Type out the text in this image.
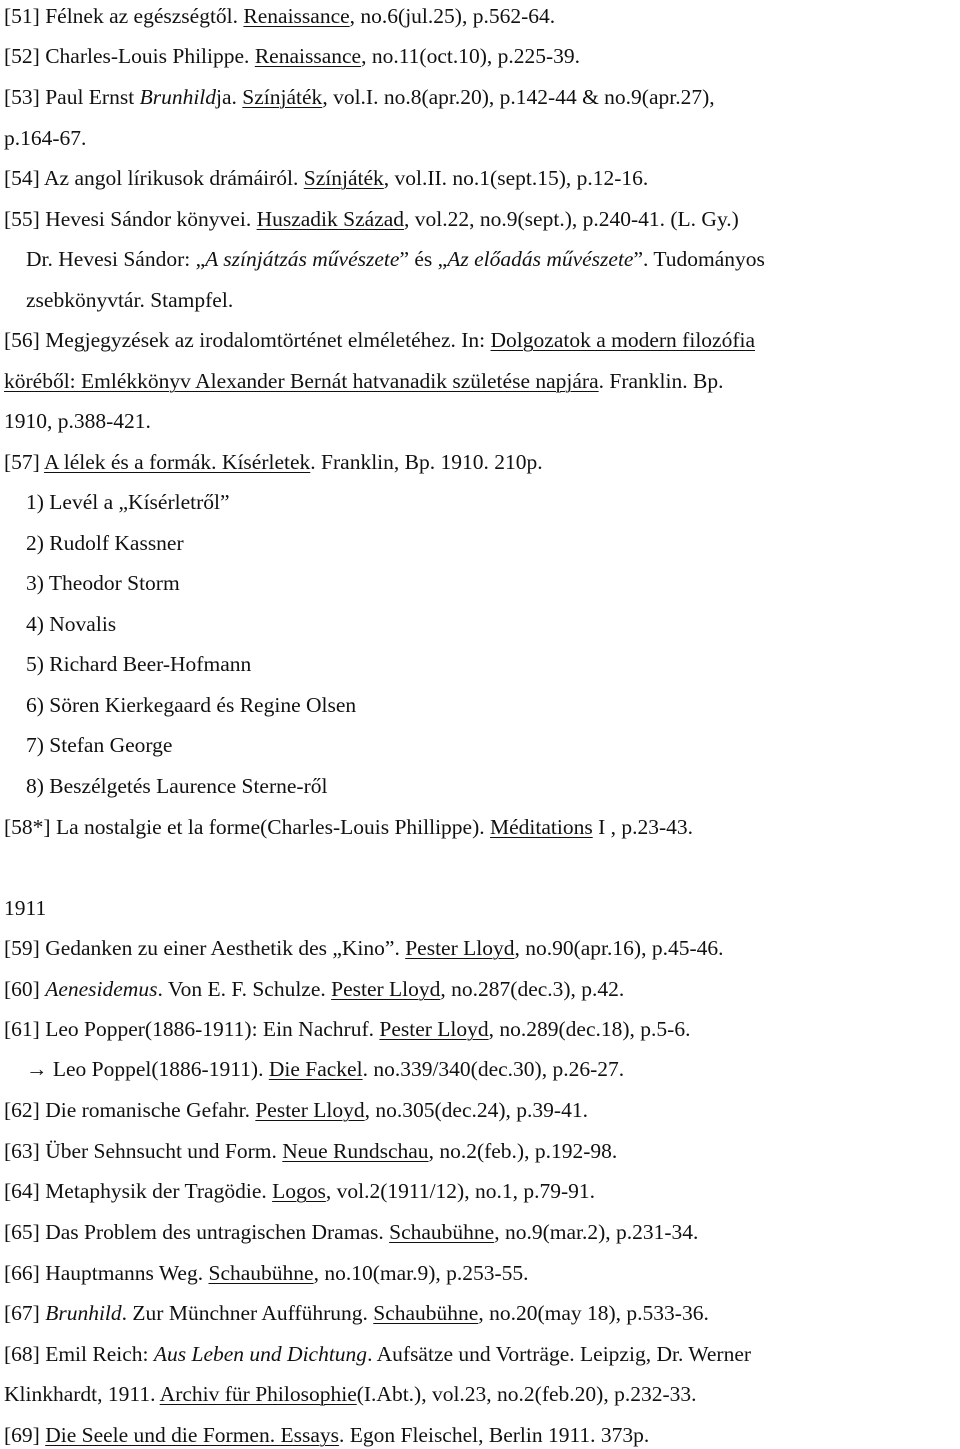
[51] Félnek az egészségtől. Renaissance, no.6(jul.25), p.562-64.
[52] Charles-Louis Philippe. Renaissance, no.11(oct.10), p.225-39.
[53] Paul Ernst Brunhildja. Színjáték, vol.I. no.8(apr.20), p.142-44 & no.9(apr.27),
p.164-67.
[54] Az angol lírikusok drámáiról. Színjáték, vol.II. no.1(sept.15), p.12-16.
[55] Hevesi Sándor könyvei. Huszadik Század, vol.22, no.9(sept.), p.240-41. (L. Gy.)
Dr. Hevesi Sándor: „A színjátzás művészete” és „Az előadás művészete”. Tudományos
zsebkönyvtár. Stampfel.
[56] Megjegyzések az irodalomtörténet elméletéhez. In: Dolgozatok a modern filozófia
köréből: Emlékkönyv Alexander Bernát hatvanadik születése napjára. Franklin. Bp.
1910, p.388-421.
[57] A lélek és a formák. Kísérletek. Franklin, Bp. 1910. 210p.
1) Levél a „Kísérletről”
2) Rudolf Kassner
3) Theodor Storm
4) Novalis
5) Richard Beer-Hofmann
6) Sören Kierkegaard és Regine Olsen
7) Stefan George
8) Beszélgetés Laurence Sterne-ről
[58*] La nostalgie et la forme(Charles-Louis Phillippe). Méditations I , p.23-43.
[59] Gedanken zu einer Aesthetik des „Kino”. Pester Lloyd, no.90(apr.16), p.45-46.
[60] Aenesidemus. Von E. F. Schulze. Pester Lloyd, no.287(dec.3), p.42.
[61] Leo Popper(1886-1911): Ein Nachruf. Pester Lloyd, no.289(dec.18), p.5-6.
→ Leo Poppel(1886-1911). Die Fackel. no.339/340(dec.30), p.26-27.
[62] Die romanische Gefahr. Pester Lloyd, no.305(dec.24), p.39-41.
[63] Über Sehnsucht und Form. Neue Rundschau, no.2(feb.), p.192-98.
[64] Metaphysik der Tragödie. Logos, vol.2(1911/12), no.1, p.79-91.
[65] Das Problem des untragischen Dramas. Schaubühne, no.9(mar.2), p.231-34.
[66] Hauptmanns Weg. Schaubühne, no.10(mar.9), p.253-55.
[67] Brunhild. Zur Münchner Aufführung. Schaubühne, no.20(may 18), p.533-36.
[68] Emil Reich: Aus Leben und Dichtung. Aufsätze und Vorträge. Leipzig, Dr. Werner
Klinkhardt, 1911. Archiv für Philosophie(I.Abt.), vol.23, no.2(feb.20), p.232-33.
[69] Die Seele und die Formen. Essays. Egon Fleischel, Berlin 1911. 373p.
1911
